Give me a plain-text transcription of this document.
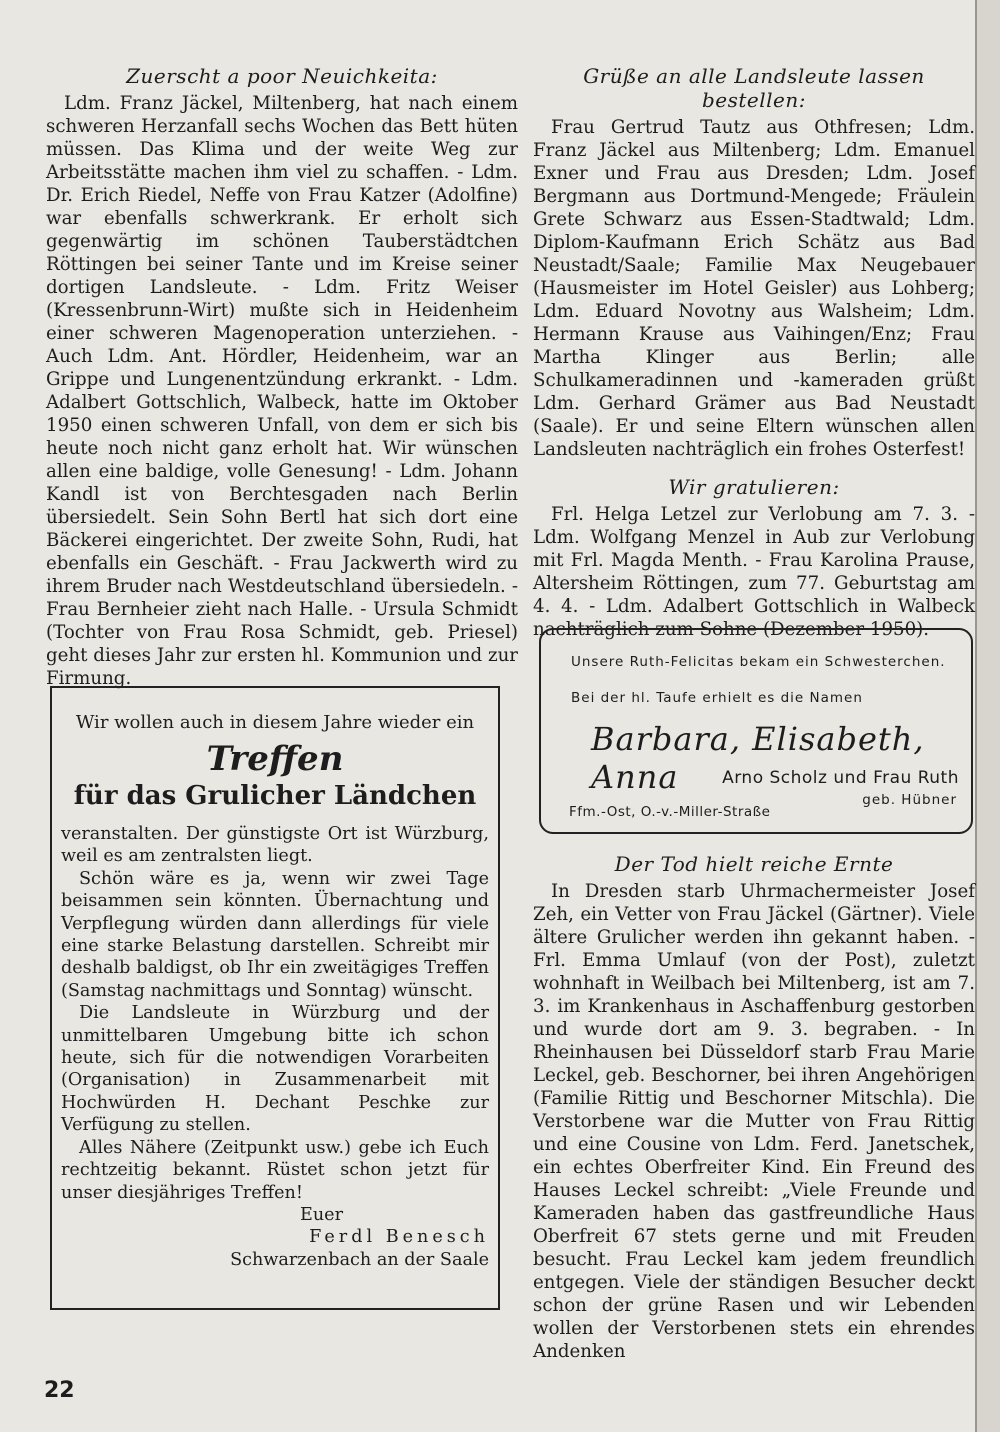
Zuerscht a poor Neuichkeita:

Ldm. Franz Jäckel, Miltenberg, hat nach einem schweren Herzanfall sechs Wochen das Bett hüten müssen. Das Klima und der weite Weg zur Arbeitsstätte machen ihm viel zu schaffen. - Ldm. Dr. Erich Riedel, Neffe von Frau Katzer (Adolfine) war ebenfalls schwerkrank. Er erholt sich gegenwärtig im schönen Tauberstädtchen Röttingen bei seiner Tante und im Kreise seiner dortigen Landsleute. - Ldm. Fritz Weiser (Kressenbrunn-Wirt) mußte sich in Heidenheim einer schweren Magenoperation unterziehen. - Auch Ldm. Ant. Hördler, Heidenheim, war an Grippe und Lungenentzündung erkrankt. - Ldm. Adalbert Gottschlich, Walbeck, hatte im Oktober 1950 einen schweren Unfall, von dem er sich bis heute noch nicht ganz erholt hat. Wir wünschen allen eine baldige, volle Genesung! - Ldm. Johann Kandl ist von Berchtesgaden nach Berlin übersiedelt. Sein Sohn Bertl hat sich dort eine Bäckerei eingerichtet. Der zweite Sohn, Rudi, hat ebenfalls ein Geschäft. - Frau Jackwerth wird zu ihrem Bruder nach Westdeutschland übersiedeln. - Frau Bernheier zieht nach Halle. - Ursula Schmidt (Tochter von Frau Rosa Schmidt, geb. Priesel) geht dieses Jahr zur ersten hl. Kommunion und zur Firmung.

Wir wollen auch in diesem Jahre wieder ein
Treffen
für das Grulicher Ländchen

veranstalten. Der günstigste Ort ist Würzburg, weil es am zentralsten liegt.

Schön wäre es ja, wenn wir zwei Tage beisammen sein könnten. Übernachtung und Verpflegung würden dann allerdings für viele eine starke Belastung darstellen. Schreibt mir deshalb baldigst, ob Ihr ein zweitägiges Treffen (Samstag nachmittags und Sonntag) wünscht.

Die Landsleute in Würzburg und der unmittelbaren Umgebung bitte ich schon heute, sich für die notwendigen Vorarbeiten (Organisation) in Zusammenarbeit mit Hochwürden H. Dechant Peschke zur Verfügung zu stellen.

Alles Nähere (Zeitpunkt usw.) gebe ich Euch rechtzeitig bekannt. Rüstet schon jetzt für unser diesjähriges Treffen!

Euer

Ferdl Benesch

Schwarzenbach an der Saale

Grüße an alle Landsleute lassen bestellen:

Frau Gertrud Tautz aus Othfresen; Ldm. Franz Jäckel aus Miltenberg; Ldm. Emanuel Exner und Frau aus Dresden; Ldm. Josef Bergmann aus Dortmund-Mengede; Fräulein Grete Schwarz aus Essen-Stadtwald; Ldm. Diplom-Kaufmann Erich Schätz aus Bad Neustadt/Saale; Familie Max Neugebauer (Hausmeister im Hotel Geisler) aus Lohberg; Ldm. Eduard Novotny aus Walsheim; Ldm. Hermann Krause aus Vaihingen/Enz; Frau Martha Klinger aus Berlin; alle Schulkameradinnen und -kameraden grüßt Ldm. Gerhard Grämer aus Bad Neustadt (Saale). Er und seine Eltern wünschen allen Landsleuten nachträglich ein frohes Osterfest!

Wir gratulieren:

Frl. Helga Letzel zur Verlobung am 7. 3. - Ldm. Wolfgang Menzel in Aub zur Verlobung mit Frl. Magda Menth. - Frau Karolina Prause, Altersheim Röttingen, zum 77. Geburtstag am 4. 4. - Ldm. Adalbert Gottschlich in Walbeck nachträglich zum Sohne (Dezember 1950).

Unsere Ruth-Felicitas bekam ein Schwesterchen.
Bei der hl. Taufe erhielt es die Namen
Barbara, Elisabeth, Anna	Arno Scholz und Frau Ruth
geb. Hübner
Ffm.-Ost, O.-v.-Miller-Straße
Der Tod hielt reiche Ernte

In Dresden starb Uhrmachermeister Josef Zeh, ein Vetter von Frau Jäckel (Gärtner). Viele ältere Grulicher werden ihn gekannt haben. - Frl. Emma Umlauf (von der Post), zuletzt wohnhaft in Weilbach bei Miltenberg, ist am 7. 3. im Krankenhaus in Aschaffenburg gestorben und wurde dort am 9. 3. begraben. - In Rheinhausen bei Düsseldorf starb Frau Marie Leckel, geb. Beschorner, bei ihren Angehörigen (Familie Rittig und Beschorner Mitschla). Die Verstorbene war die Mutter von Frau Rittig und eine Cousine von Ldm. Ferd. Janetschek, ein echtes Oberfreiter Kind. Ein Freund des Hauses Leckel schreibt: „Viele Freunde und Kameraden haben das gastfreundliche Haus Oberfreit 67 stets gerne und mit Freuden besucht. Frau Leckel kam jedem freundlich entgegen. Viele der ständigen Besucher deckt schon der grüne Rasen und wir Lebenden wollen der Verstorbenen stets ein ehrendes Andenken

22
